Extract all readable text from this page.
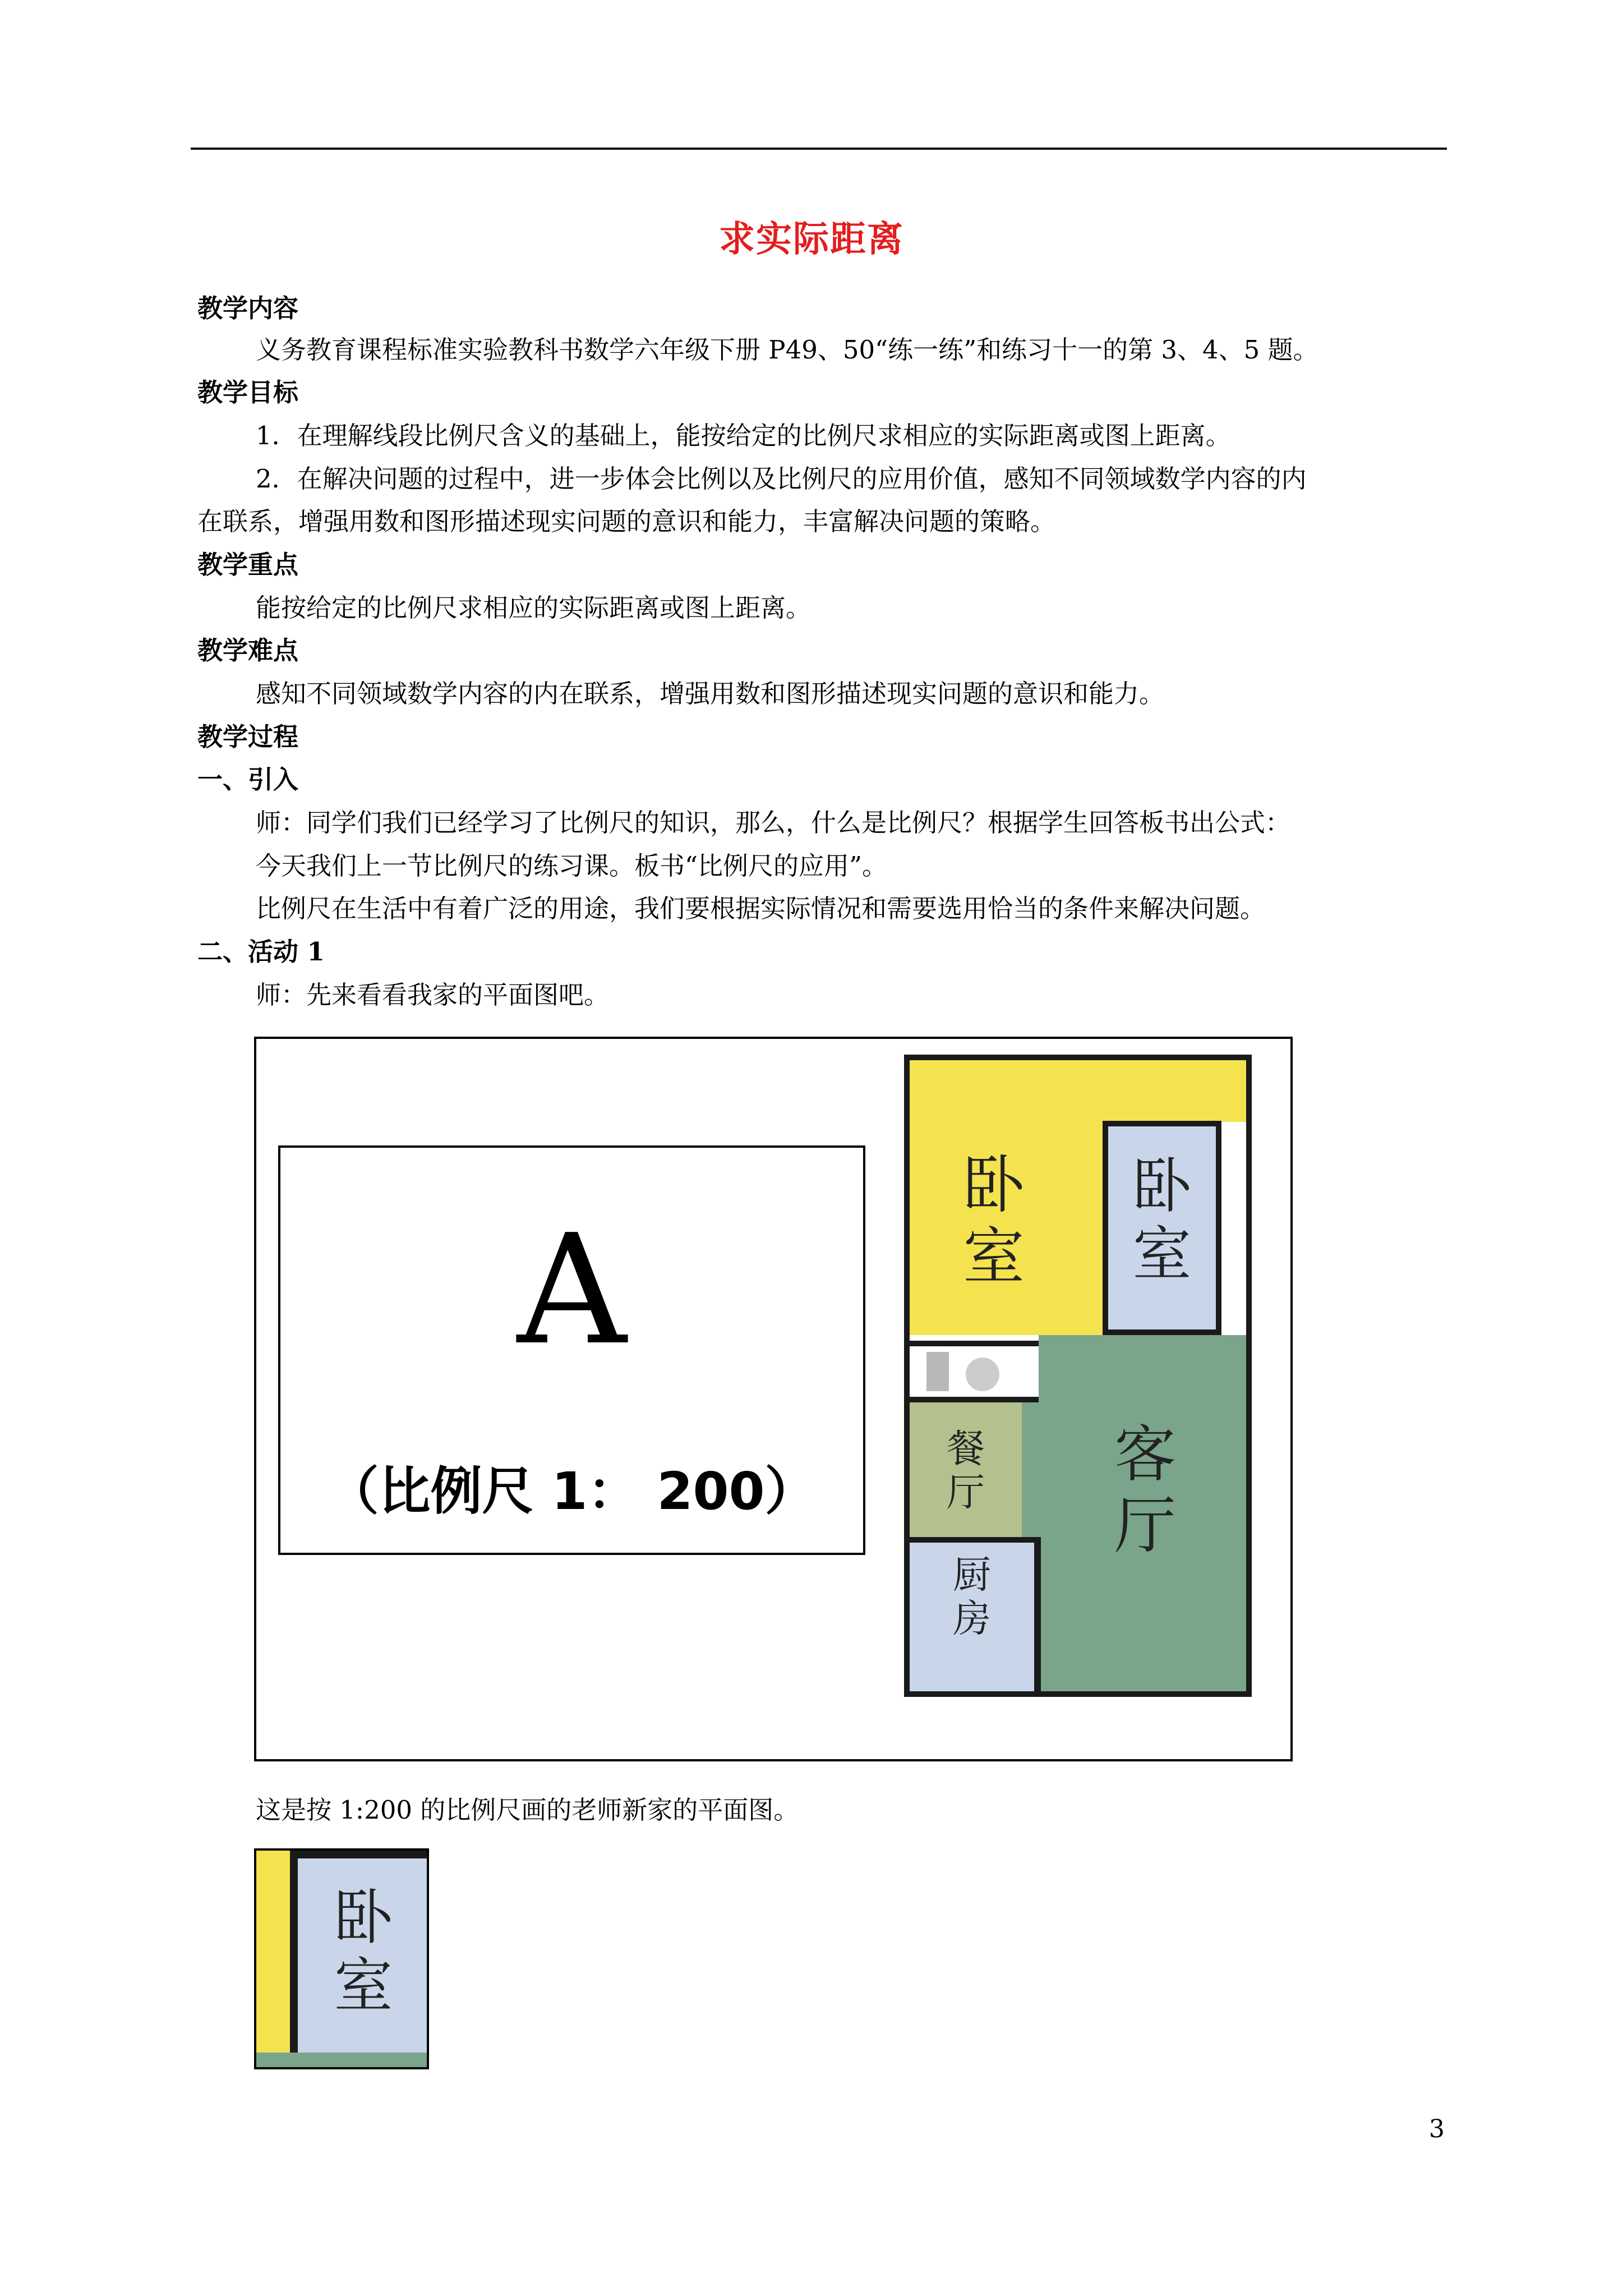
求实际距离
教学内容
义务教育课程标准实验教科书数学六年级下册 P49、50“练一练”和练习十一的第 3、4、5 题。
教学目标
1．在理解线段比例尺含义的基础上，能按给定的比例尺求相应的实际距离或图上距离。
2．在解决问题的过程中，进一步体会比例以及比例尺的应用价值，感知不同领域数学内容的内
在联系，增强用数和图形描述现实问题的意识和能力，丰富解决问题的策略。
教学重点
能按给定的比例尺求相应的实际距离或图上距离。
教学难点
感知不同领域数学内容的内在联系，增强用数和图形描述现实问题的意识和能力。
教学过程
一、引入
师：同学们我们已经学习了比例尺的知识，那么，什么是比例尺？根据学生回答板书出公式：
今天我们上一节比例尺的练习课。板书“比例尺的应用”。
比例尺在生活中有着广泛的用途，我们要根据实际情况和需要选用恰当的条件来解决问题。
二、活动 1
师：先来看看我家的平面图吧。
A
（比例尺 1： 200）
卧
室
卧
室
客
厅
餐
厅
厨
房
这是按 1:200 的比例尺画的老师新家的平面图。
卧
室
3
